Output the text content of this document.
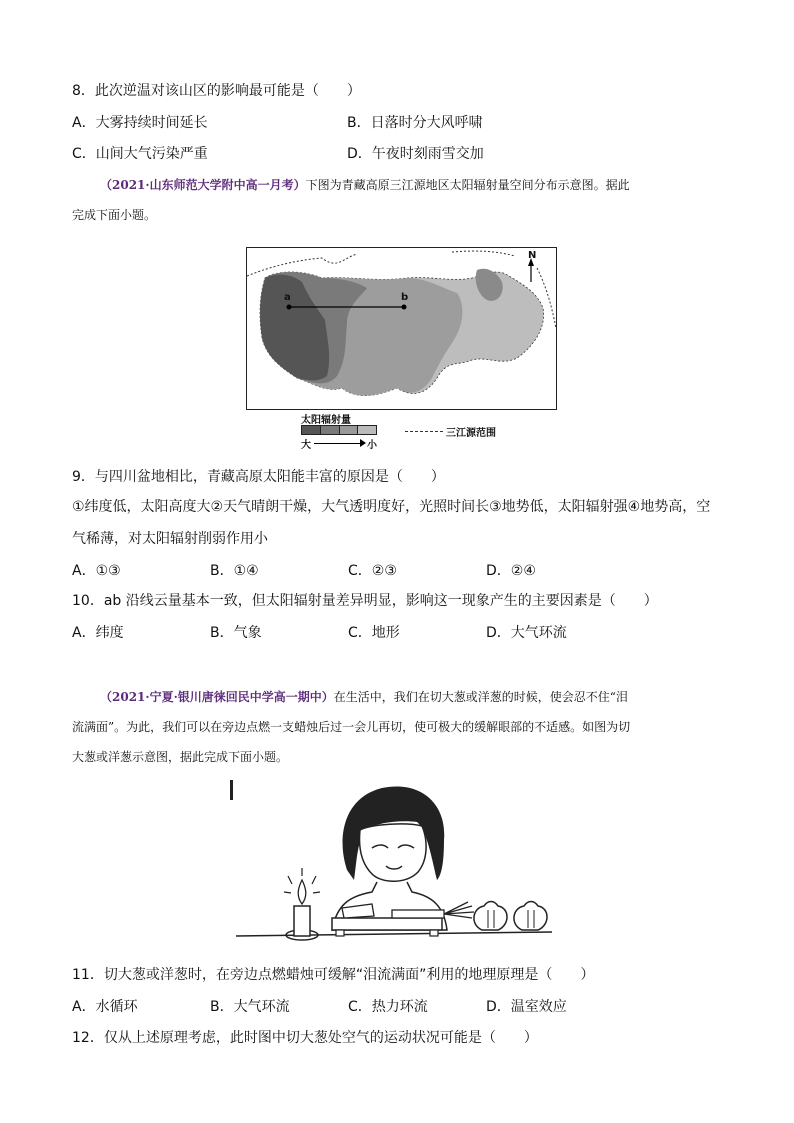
8．此次逆温对该山区的影响最可能是（　　）
A．大雾持续时间延长	B．日落时分大风呼啸
C．山间大气污染严重	D．午夜时刻雨雪交加
（2021·山东师范大学附中高一月考）下图为青藏高原三江源地区太阳辐射量空间分布示意图。据此
完成下面小题。
N
a	b
太阳辐射量
大	小
三江源范围
9．与四川盆地相比，青藏高原太阳能丰富的原因是（　　）
①纬度低，太阳高度大②天气晴朗干燥，大气透明度好，光照时间长③地势低，太阳辐射强④地势高，空
气稀薄，对太阳辐射削弱作用小
A．①③	B．①④	C．②③	D．②④
10．ab 沿线云量基本一致，但太阳辐射量差异明显，影响这一现象产生的主要因素是（　　）
A．纬度	B．气象	C．地形	D．大气环流
（2021·宁夏·银川唐徕回民中学高一期中）在生活中，我们在切大葱或洋葱的时候，使会忍不住“泪
流满面”。为此，我们可以在旁边点燃一支蜡烛后过一会儿再切，使可极大的缓解眼部的不适感。如图为切
大葱或洋葱示意图，据此完成下面小题。
11．切大葱或洋葱时，在旁边点燃蜡烛可缓解“泪流满面”利用的地理原理是（　　）
A．水循环	B．大气环流	C．热力环流	D．温室效应
12．仅从上述原理考虑，此时图中切大葱处空气的运动状况可能是（　　）
